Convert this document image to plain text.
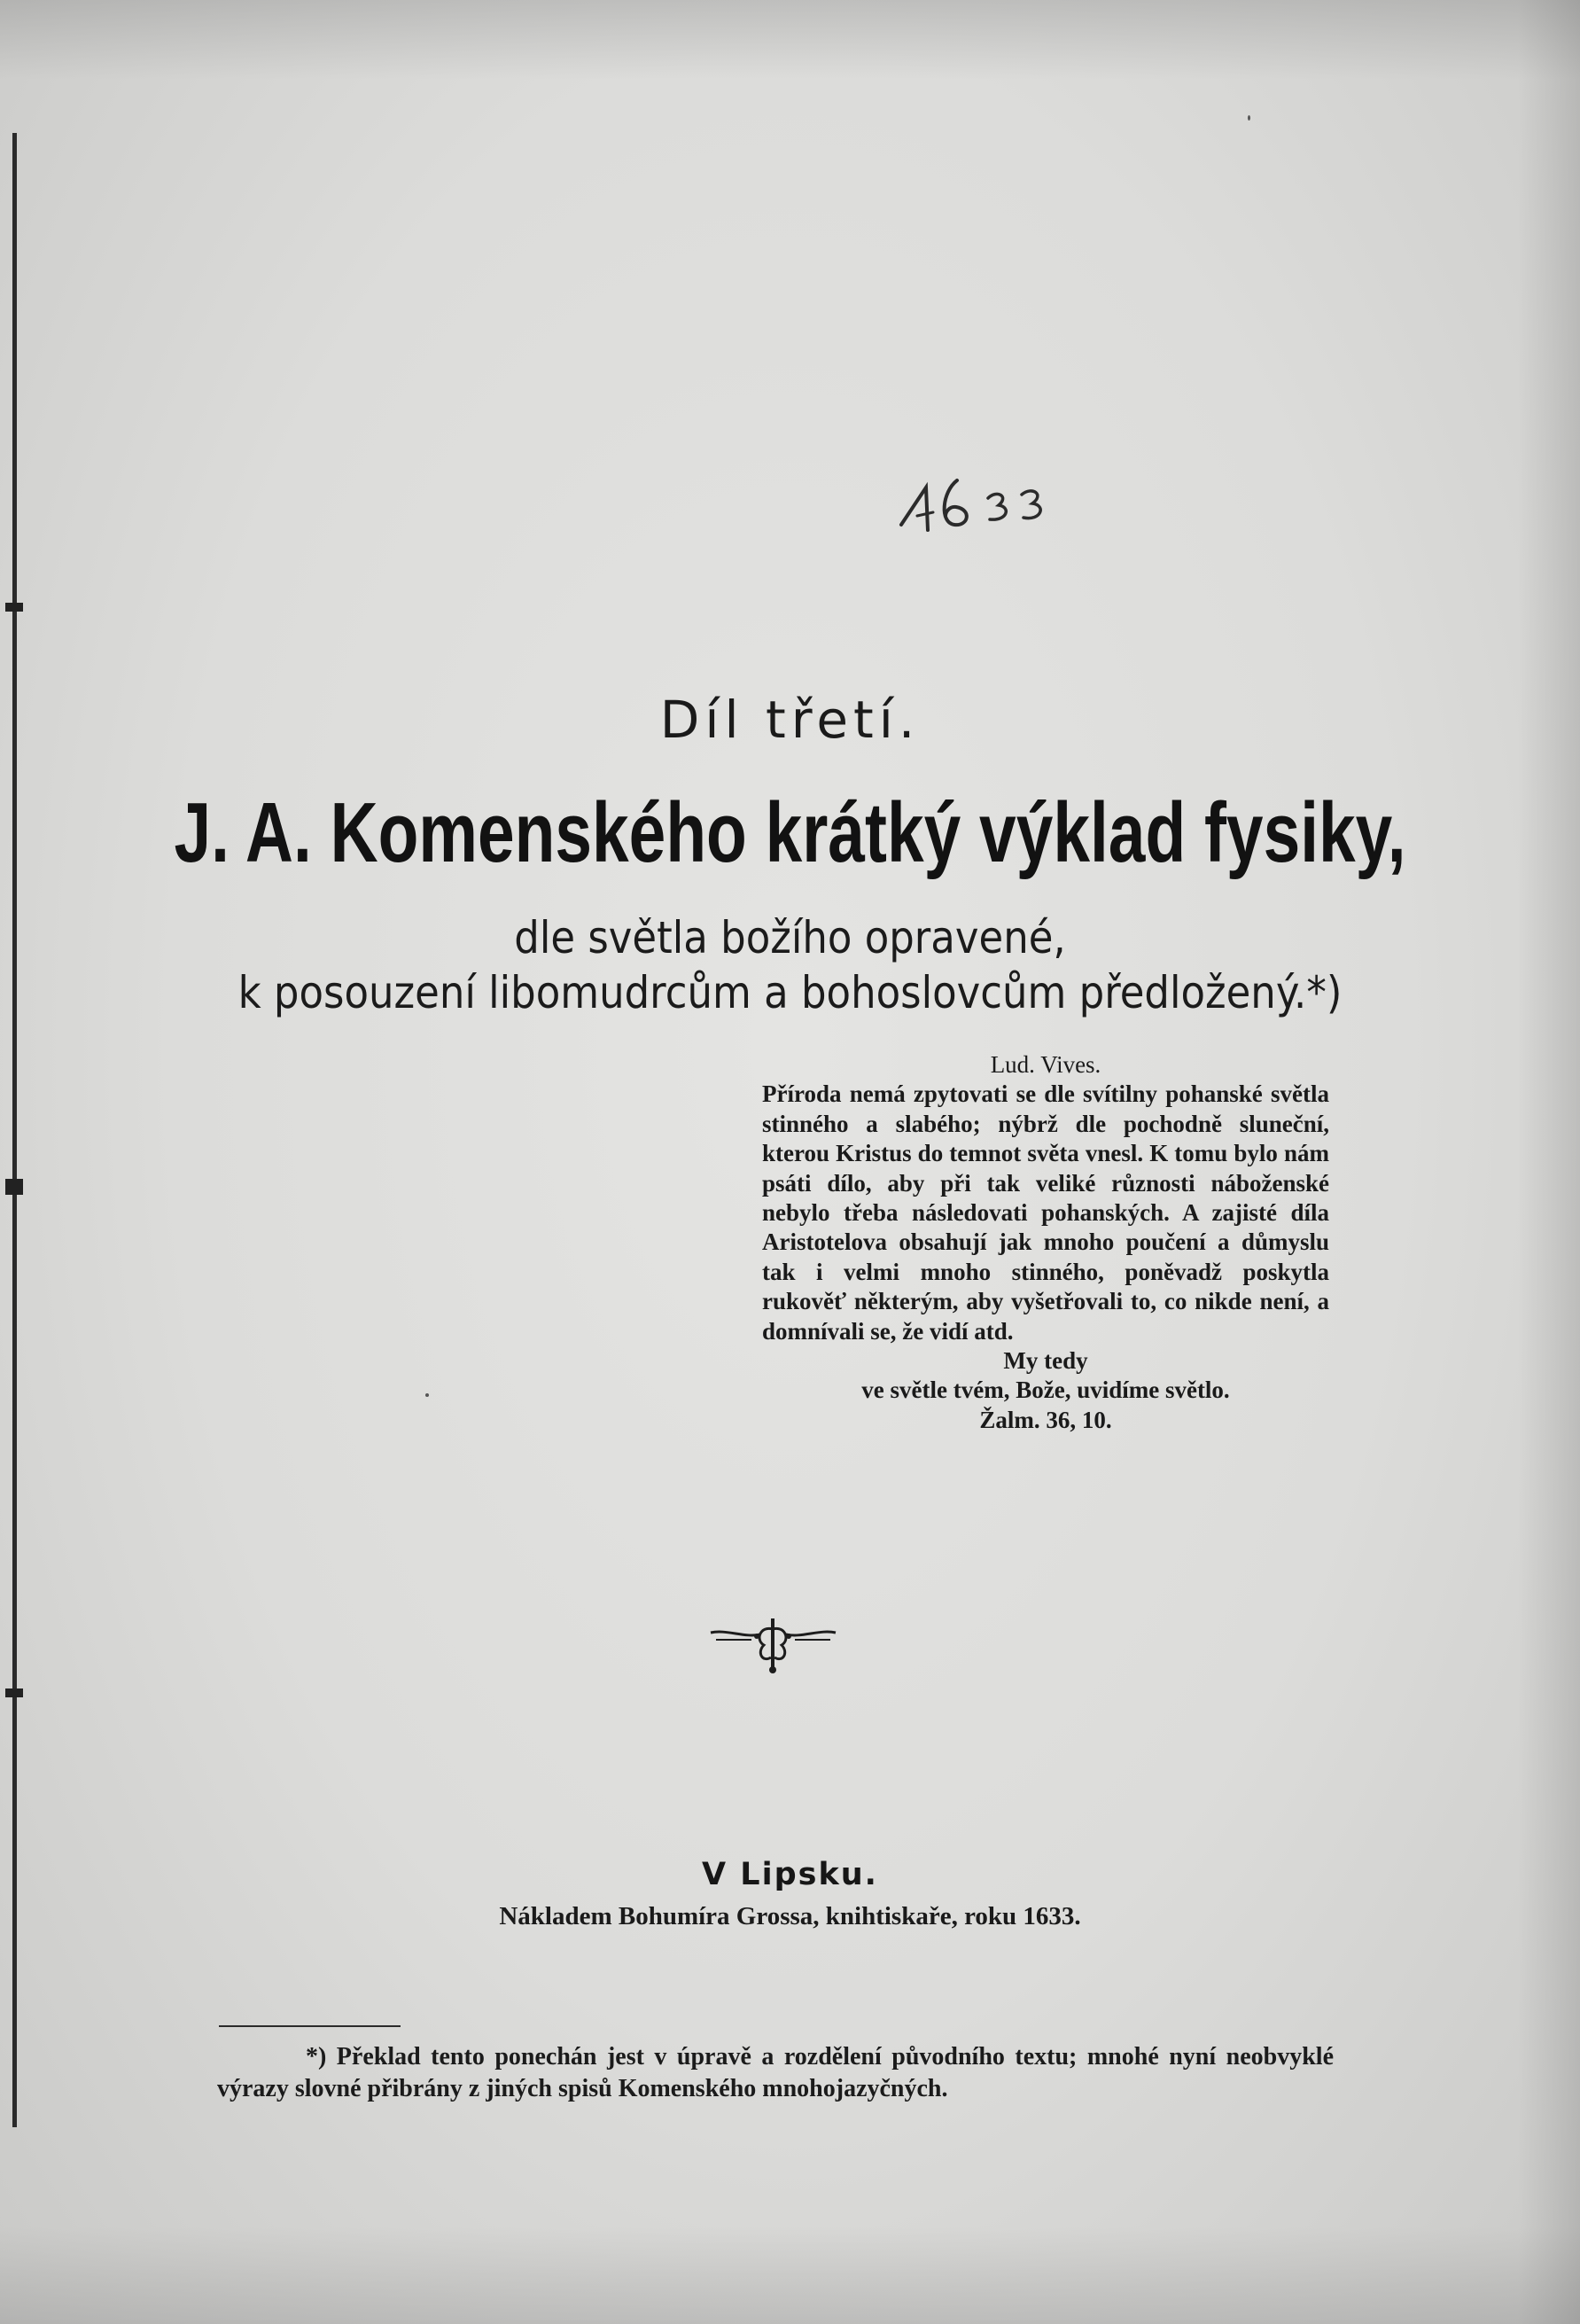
Díl třetí.
J. A. Komenského krátký výklad fysiky,
dle světla božího opravené,
k posouzení libomudrcům a bohoslovcům předložený.*)
Lud. Vives.
Příroda nemá zpytovati se dle svítilny pohanské světla stinného a slabého; nýbrž dle pochodně sluneční, kterou Kristus do temnot světa vnesl. K tomu bylo nám psáti dílo, aby při tak veliké různosti náboženské nebylo třeba následovati pohanských. A zajisté díla Aristotelova obsahují jak mnoho poučení a důmyslu tak i velmi mnoho stinného, poněvadž poskytla rukověť některým, aby vyšetřovali to, co nikde není, a domnívali se, že vidí atd.
My tedy
ve světle tvém, Bože, uvidíme světlo.
Žalm. 36, 10.
V Lipsku.
Nákladem Bohumíra Grossa, knihtiskaře, roku 1633.
*) Překlad tento ponechán jest v úpravě a rozdělení původního textu; mnohé nyní neobvyklé výrazy slovné přibrány z jiných spisů Komenského mnohojazyčných.
